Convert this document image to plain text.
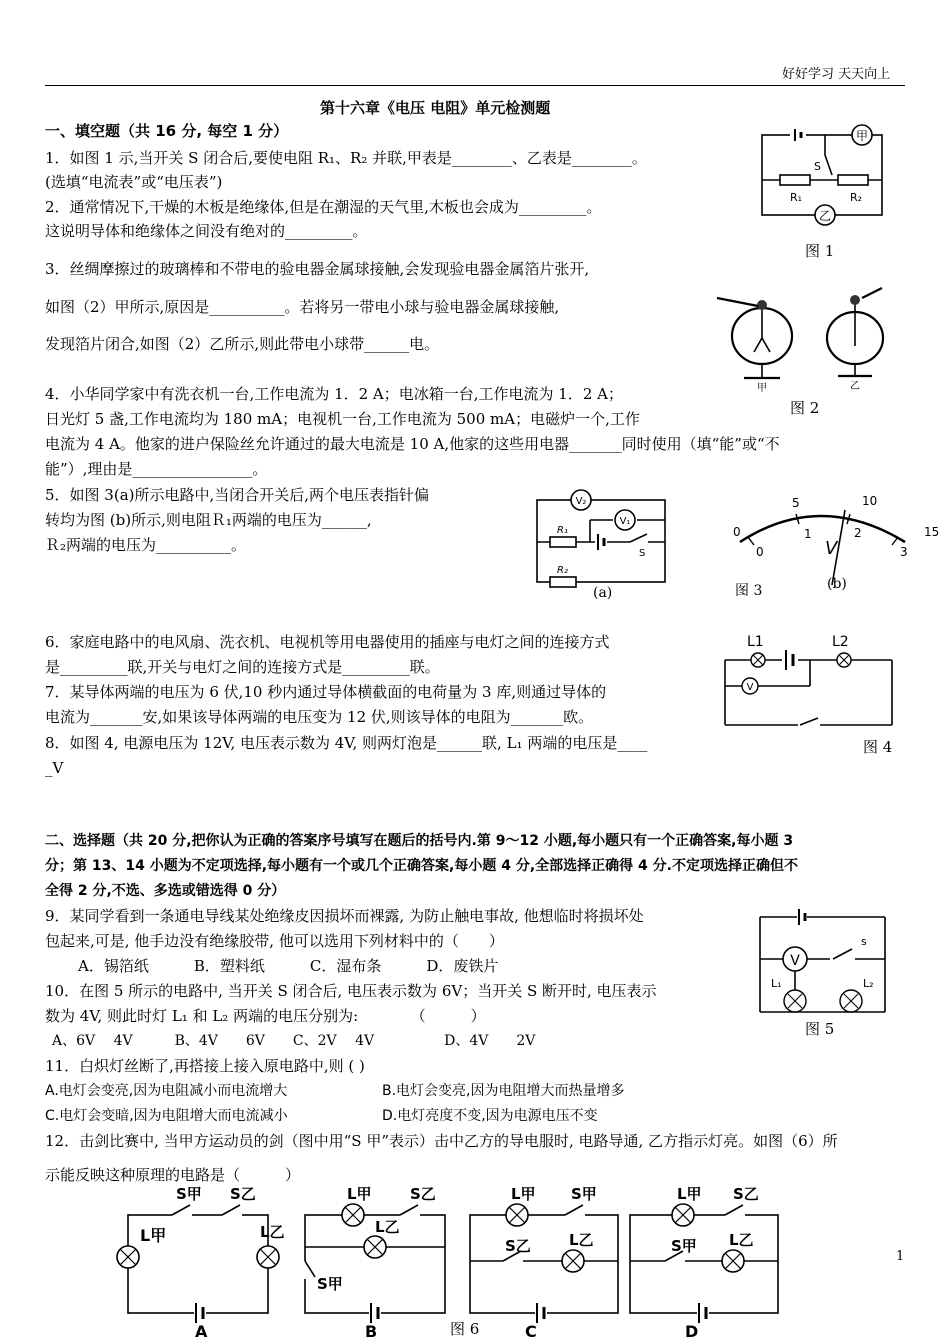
好好学习 天天向上
1
第十六章《电压 电阻》单元检测题
一、填空题（共 16 分, 每空 1 分）
1．如图 1 示,当开关 S 闭合后,要使电阻 R₁、R₂ 并联,甲表是________、乙表是________。
(选填“电流表”或“电压表”)
2．通常情况下,干燥的木板是绝缘体,但是在潮湿的天气里,木板也会成为_________。
这说明导体和绝缘体之间没有绝对的_________。
3．丝绸摩擦过的玻璃棒和不带电的验电器金属球接触,会发现验电器金属箔片张开,
如图（2）甲所示,原因是__________。若将另一带电小球与验电器金属球接触,
发现箔片闭合,如图（2）乙所示,则此带电小球带______电。
4．小华同学家中有洗衣机一台,工作电流为 1．2 A；电冰箱一台,工作电流为 1．2 A；
日光灯 5 盏,工作电流均为 180 mA；电视机一台,工作电流为 500 mA；电磁炉一个,工作
电流为 4 A。他家的进户保险丝允许通过的最大电流是 10 A,他家的这些用电器_______同时使用（填“能”或“不
能”）,理由是________________。
5．如图 3(a)所示电路中,当闭合开关后,两个电压表指针偏
转均为图 (b)所示,则电阻Ｒ₁两端的电压为______,
Ｒ₂两端的电压为__________。
6．家庭电路中的电风扇、洗衣机、电视机等用电器使用的插座与电灯之间的连接方式
是_________联,开关与电灯之间的连接方式是_________联。
7．某导体两端的电压为 6 伏,10 秒内通过导体横截面的电荷量为 3 库,则通过导体的
电流为_______安,如果该导体两端的电压变为 12 伏,则该导体的电阻为_______欧。
8．如图 4, 电源电压为 12V, 电压表示数为 4V, 则两灯泡是______联, L₁ 两端的电压是____
_V
二、选择题（共 20 分,把你认为正确的答案序号填写在题后的括号内.第 9～12 小题,每小题只有一个正确答案,每小题 3
分；第 13、14 小题为不定项选择,每小题有一个或几个正确答案,每小题 4 分,全部选择正确得 4 分.不定项选择正确但不
全得 2 分,不选、多选或错选得 0 分）
9．某同学看到一条通电导线某处绝缘皮因损坏而裸露, 为防止触电事故, 他想临时将损坏处
包起来,可是, 他手边没有绝缘胶带, 他可以选用下列材料中的（　　）
A．锡箔纸　　　B．塑料纸　　　C．湿布条　　　D．废铁片
10．在图 5 所示的电路中, 当开关 S 闭合后, 电压表示数为 6V；当开关 S 断开时, 电压表示
数为 4V, 则此时灯 L₁ 和 L₂ 两端的电压分别为:　　　　（　　　）
A、6V　 4V　　　B、4V　　6V　　C、2V　 4V　　　　　D、4V　　2V
11．白炽灯丝断了,再搭接上接入原电路中,则 ( )
A.电灯会变亮,因为电阻减小而电流增大	B.电灯会变亮,因为电阻增大而热量增多
C.电灯会变暗,因为电阻增大而电流减小	D.电灯亮度不变,因为电源电压不变
12．击剑比赛中, 当甲方运动员的剑（图中用“S 甲”表示）击中乙方的导电服时, 电路导通, 乙方指示灯亮。如图（6）所
示能反映这种原理的电路是（　　　）
甲
R₁	R₂
S
乙
图 1
甲	乙
图 2
V₂
R₁
V₁
S
R₂
(a)
0
5	10
15
0
1	2
3
V
图 3	(b)
L1	L2
V
图 4
s
V
L₁	L₂
图 5
L甲	L乙
S甲 S乙
A
L甲
L乙
S乙
S甲
B	图 6
L甲
L乙
S甲
S乙
C
L甲
L乙
S乙
S甲
D
